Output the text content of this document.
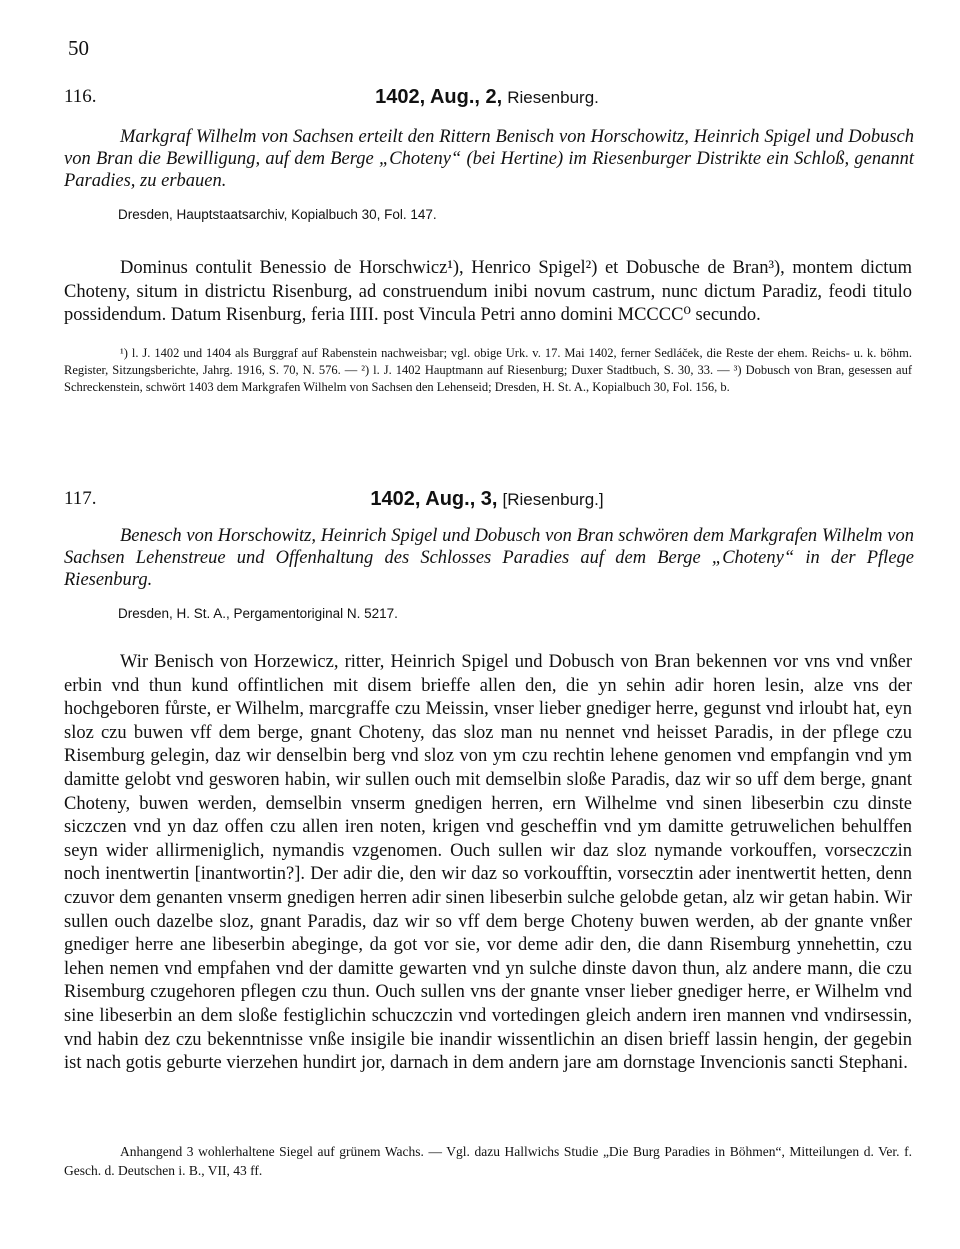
50
116.	1402, Aug., 2, Riesenburg.
Markgraf Wilhelm von Sachsen erteilt den Rittern Benisch von Horschowitz, Heinrich Spigel und Dobusch von Bran die Bewilligung, auf dem Berge „Choteny“ (bei Hertine) im Riesenburger Distrikte ein Schloß, genannt Paradies, zu erbauen.
Dresden, Hauptstaatsarchiv, Kopialbuch 30, Fol. 147.
Dominus contulit Benessio de Horschwicz¹), Henrico Spigel²) et Dobusche de Bran³), montem dictum Choteny, situm in districtu Risenburg, ad construendum inibi novum castrum, nunc dictum Paradiz, feodi titulo possidendum. Datum Risenburg, feria IIII. post Vincula Petri anno domini MCCCC⁰ secundo.
¹) l. J. 1402 und 1404 als Burggraf auf Rabenstein nachweisbar; vgl. obige Urk. v. 17. Mai 1402, ferner Sedláček, die Reste der ehem. Reichs- u. k. böhm. Register, Sitzungsberichte, Jahrg. 1916, S. 70, N. 576. — ²) l. J. 1402 Hauptmann auf Riesenburg; Duxer Stadtbuch, S. 30, 33. — ³) Dobusch von Bran, gesessen auf Schreckenstein, schwört 1403 dem Markgrafen Wilhelm von Sachsen den Lehenseid; Dresden, H. St. A., Kopialbuch 30, Fol. 156, b.
117.	1402, Aug., 3, [Riesenburg.]
Benesch von Horschowitz, Heinrich Spigel und Dobusch von Bran schwören dem Markgrafen Wilhelm von Sachsen Lehenstreue und Offenhaltung des Schlosses Paradies auf dem Berge „Choteny“ in der Pflege Riesenburg.
Dresden, H. St. A., Pergamentoriginal N. 5217.
Wir Benisch von Horzewicz, ritter, Heinrich Spigel und Dobusch von Bran bekennen vor vns vnd vnßer erbin vnd thun kund offintlichen mit disem brieffe allen den, die yn sehin adir horen lesin, alze vns der hochgeboren fůrste, er Wilhelm, marcgraffe czu Meissin, vnser lieber gnediger herre, gegunst vnd irloubt hat, eyn sloz czu buwen vff dem berge, gnant Choteny, das sloz man nu nennet vnd heisset Paradis, in der pflege czu Risemburg gelegin, daz wir denselbin berg vnd sloz von ym czu rechtin lehene genomen vnd empfangin vnd ym damitte gelobt vnd gesworen habin, wir sullen ouch mit demselbin sloße Paradis, daz wir so uff dem berge, gnant Choteny, buwen werden, demselbin vnserm gnedigen herren, ern Wilhelme vnd sinen libeserbin czu dinste siczczen vnd yn daz offen czu allen iren noten, krigen vnd gescheffin vnd ym damitte getruwelichen behulffen seyn wider allirmeniglich, nymandis vzgenomen. Ouch sullen wir daz sloz nymande vorkouffen, vorseczczin noch inentwertin [inantwortin?]. Der adir die, den wir daz so vorkoufftin, vorsecztin ader inentwertit hetten, denn czuvor dem genanten vnserm gnedigen herren adir sinen libeserbin sulche gelobde getan, alz wir getan habin. Wir sullen ouch dazelbe sloz, gnant Paradis, daz wir so vff dem berge Choteny buwen werden, ab der gnante vnßer gnediger herre ane libeserbin abeginge, da got vor sie, vor deme adir den, die dann Risemburg ynnehettin, czu lehen nemen vnd empfahen vnd der damitte gewarten vnd yn sulche dinste davon thun, alz andere mann, die czu Risemburg czugehoren pflegen czu thun. Ouch sullen vns der gnante vnser lieber gnediger herre, er Wilhelm vnd sine libeserbin an dem sloße festiglichin schuczczin vnd vortedingen gleich andern iren mannen vnd vndirsessin, vnd habin dez czu bekenntnisse vnße insigile bie inandir wissentlichin an disen brieff lassin hengin, der gegebin ist nach gotis geburte vierzehen hundirt jor, darnach in dem andern jare am dornstage Invencionis sancti Stephani.
Anhangend 3 wohlerhaltene Siegel auf grünem Wachs. — Vgl. dazu Hallwichs Studie „Die Burg Paradies in Böhmen“, Mitteilungen d. Ver. f. Gesch. d. Deutschen i. B., VII, 43 ff.
